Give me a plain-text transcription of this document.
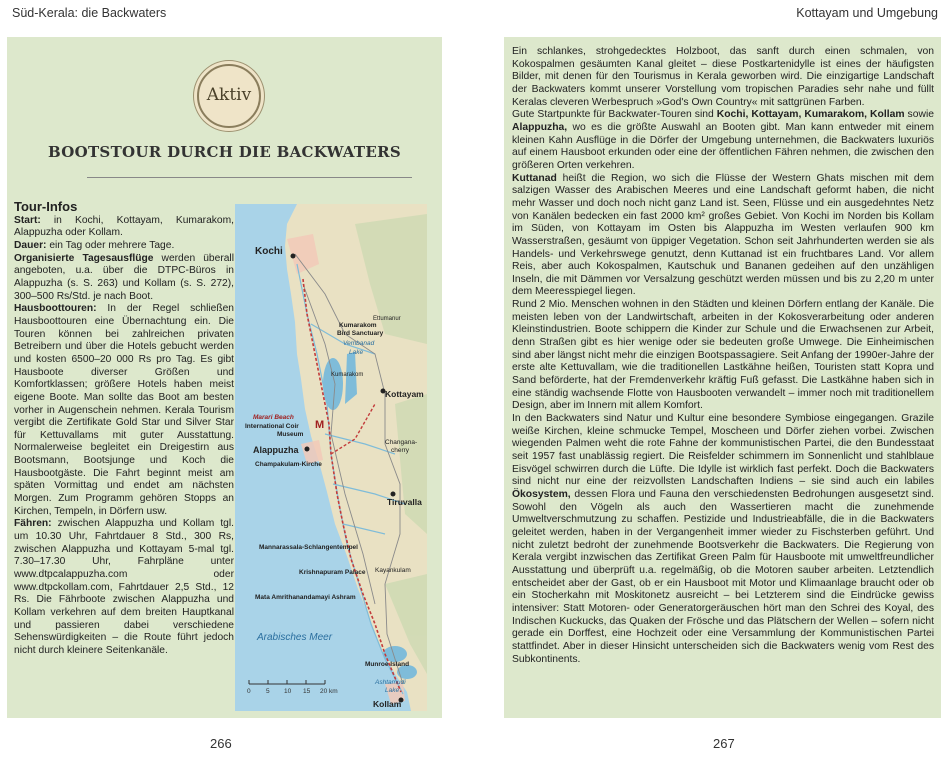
Süd-Kerala: die Backwaters	Kottayam und Umgebung
Aktiv
BOOTSTOUR DURCH DIE BACKWATERS
Tour-Infos

Start: in Kochi, Kottayam, Kumarakom, Alappuzha oder Kollam.

Dauer: ein Tag oder mehrere Tage.

Organisierte Tagesausflüge werden überall angeboten, u.a. über die DTPC-Büros in Alappuzha (s. S. 263) und Kollam (s. S. 272), 300–500 Rs/Std. je nach Boot.

Hausboottouren: In der Regel schließen Hausboottouren eine Übernachtung ein. Die Touren können bei zahlreichen privaten Betreibern und über die Hotels gebucht werden und kosten 6500–20 000 Rs pro Tag. Es gibt Hausboote diverser Größen und Komfortklassen; größere Hotels haben meist eigene Boote. Man sollte das Boot am besten vorher in Augenschein nehmen. Kerala Tourism vergibt die Zertifikate Gold Star und Silver Star für Kettuvallams mit guter Ausstattung. Normalerweise begleitet ein Dreigestirn aus Bootsmann, Bootsjunge und Koch die Hausbootgäste. Die Fahrt beginnt meist am späten Vormittag und endet am nächsten Morgen. Zum Programm gehören Stopps an Kirchen, Tempeln, in Dörfern usw.

Fähren: zwischen Alappuzha und Kollam tgl. um 10.30 Uhr, Fahrtdauer 8 Std., 300 Rs, zwischen Alappuzha und Kottayam 5-mal tgl. 7.30–17.30 Uhr, Fahrpläne unter www.dtpcalappuzha.com oder www.dtpckollam.com, Fahrtdauer 2,5 Std., 12 Rs. Die Fährboote zwischen Alappuzha und Kollam verkehren auf dem breiten Hauptkanal und passieren dabei verschiedene Sehenswürdigkeiten – die Route führt jedoch nicht durch kleinere Seitenkanäle.

Kochi
Ettumanur
Kumarakom
Bird Sanctuary
Vembanad
Lake
Kumarakom
Kottayam
Marari Beach
International Coir
Museum
M
Alappuzha
Changana-
cherry
Champakulam-Kirche
Tiruvalla
Mannarassala-Schlangentempel
Krishnapuram Palace Kayankulam
Mata Amrithanandamayi Ashram
Arabisches Meer
Munroe Island
Ashtamudi
Lake
Kollam
0 5 10 15 20 km

Ein schlankes, strohgedecktes Holzboot, das sanft durch einen schmalen, von Kokospalmen gesäumten Kanal gleitet – diese Postkartenidylle ist eines der häufigsten Bilder, mit denen für den Tourismus in Kerala geworben wird. Die einzigartige Landschaft der Backwaters kommt unserer Vorstellung vom tropischen Paradies sehr nahe und füllt Keralas cleveren Werbespruch »God's Own Country« mit sattgrünen Farben.

Gute Startpunkte für Backwater-Touren sind Kochi, Kottayam, Kumarakom, Kollam sowie Alappuzha, wo es die größte Auswahl an Booten gibt. Man kann entweder mit einem kleinen Kahn Ausflüge in die Dörfer der Umgebung unternehmen, die Backwaters luxuriös auf einem Hausboot erkunden oder eine der öffentlichen Fähren nehmen, die zwischen den größeren Orten verkehren.

Kuttanad heißt die Region, wo sich die Flüsse der Western Ghats mischen mit dem salzigen Wasser des Arabischen Meeres und eine Landschaft geformt haben, die nicht mehr Wasser und doch noch nicht ganz Land ist. Seen, Flüsse und ein ausgedehntes Netz von Kanälen bedecken ein fast 2000 km² großes Gebiet. Von Kochi im Norden bis Kollam im Süden, von Kottayam im Osten bis Alappuzha im Westen verlaufen 900 km Wasserstraßen, gesäumt von üppiger Vegetation. Schon seit Jahrhunderten werden sie als Handels- und Verkehrswege genutzt, denn Kuttanad ist ein fruchtbares Land. Vor allem Reis, aber auch Kokospalmen, Kautschuk und Bananen gedeihen auf den unzähligen Inseln, die mit Dämmen vor Versalzung geschützt werden müssen und bis zu 2,20 m unter dem Meeresspiegel liegen.

Rund 2 Mio. Menschen wohnen in den Städten und kleinen Dörfern entlang der Kanäle. Die meisten leben von der Landwirtschaft, arbeiten in der Kokosverarbeitung oder anderen Kleinstindustrien. Boote schippern die Kinder zur Schule und die Erwachsenen zur Arbeit, denn Straßen gibt es hier wenige oder sie bedeuten große Umwege. Die Einheimischen sind aber längst nicht mehr die einzigen Bootspassagiere. Seit Anfang der 1990er-Jahre der erste alte Kettuvallam, wie die traditionellen Lastkähne heißen, Touristen statt Kopra und Sand beförderte, hat der Fremdenverkehr kräftig Fuß gefasst. Die Lastkähne haben sich in eine ständig wachsende Flotte von Hausbooten verwandelt – immer noch mit traditionellem Design, aber im Innern mit allem Komfort.

In den Backwaters sind Natur und Kultur eine besondere Symbiose eingegangen. Grazile weiße Kirchen, kleine schmucke Tempel, Moscheen und Dörfer ziehen vorbei. Zwischen wiegenden Palmen weht die rote Fahne der kommunistischen Partei, die den Bundesstaat seit 1957 fast unablässig regiert. Die Reisfelder schimmern im Sonnenlicht und stahlblaue Eisvögel schwirren durch die Lüfte. Die Idylle ist wirklich fast perfekt. Doch die Backwaters sind nicht nur eine der reizvollsten Landschaften Indiens – sie sind auch ein labiles Ökosystem, dessen Flora und Fauna den verschiedensten Bedrohungen ausgesetzt sind. Sowohl den Vögeln als auch den Wassertieren macht die zunehmende Umweltverschmutzung zu schaffen. Pestizide und Industrieabfälle, die in die Backwaters geleitet werden, haben in der Vergangenheit immer wieder zu Fischsterben geführt. Und nicht zuletzt bedroht der zunehmende Bootsverkehr die Backwaters. Die Regierung von Kerala vergibt inzwischen das Zertifikat Green Palm für Hausboote mit umweltfreundlicher Ausstattung und überprüft u.a. regelmäßig, ob die Motoren sauber arbeiten. Letztendlich entscheidet aber der Gast, ob er ein Hausboot mit Motor und Klimaanlage braucht oder ob ein Stocherkahn mit Moskitonetz ausreicht – bei Letzterem sind die Eindrücke gewiss intensiver: Statt Motoren- oder Generatorgeräuschen hört man den Schrei des Koyal, des Indischen Kuckucks, das Quaken der Frösche und das Plätschern der Wellen – sofern nicht gerade ein Dorffest, eine Hochzeit oder eine Versammlung der Kommunistischen Partei stattfindet. Aber in dieser Hinsicht unterscheiden sich die Backwaters wenig vom Rest des Subkontinents.

266	267
